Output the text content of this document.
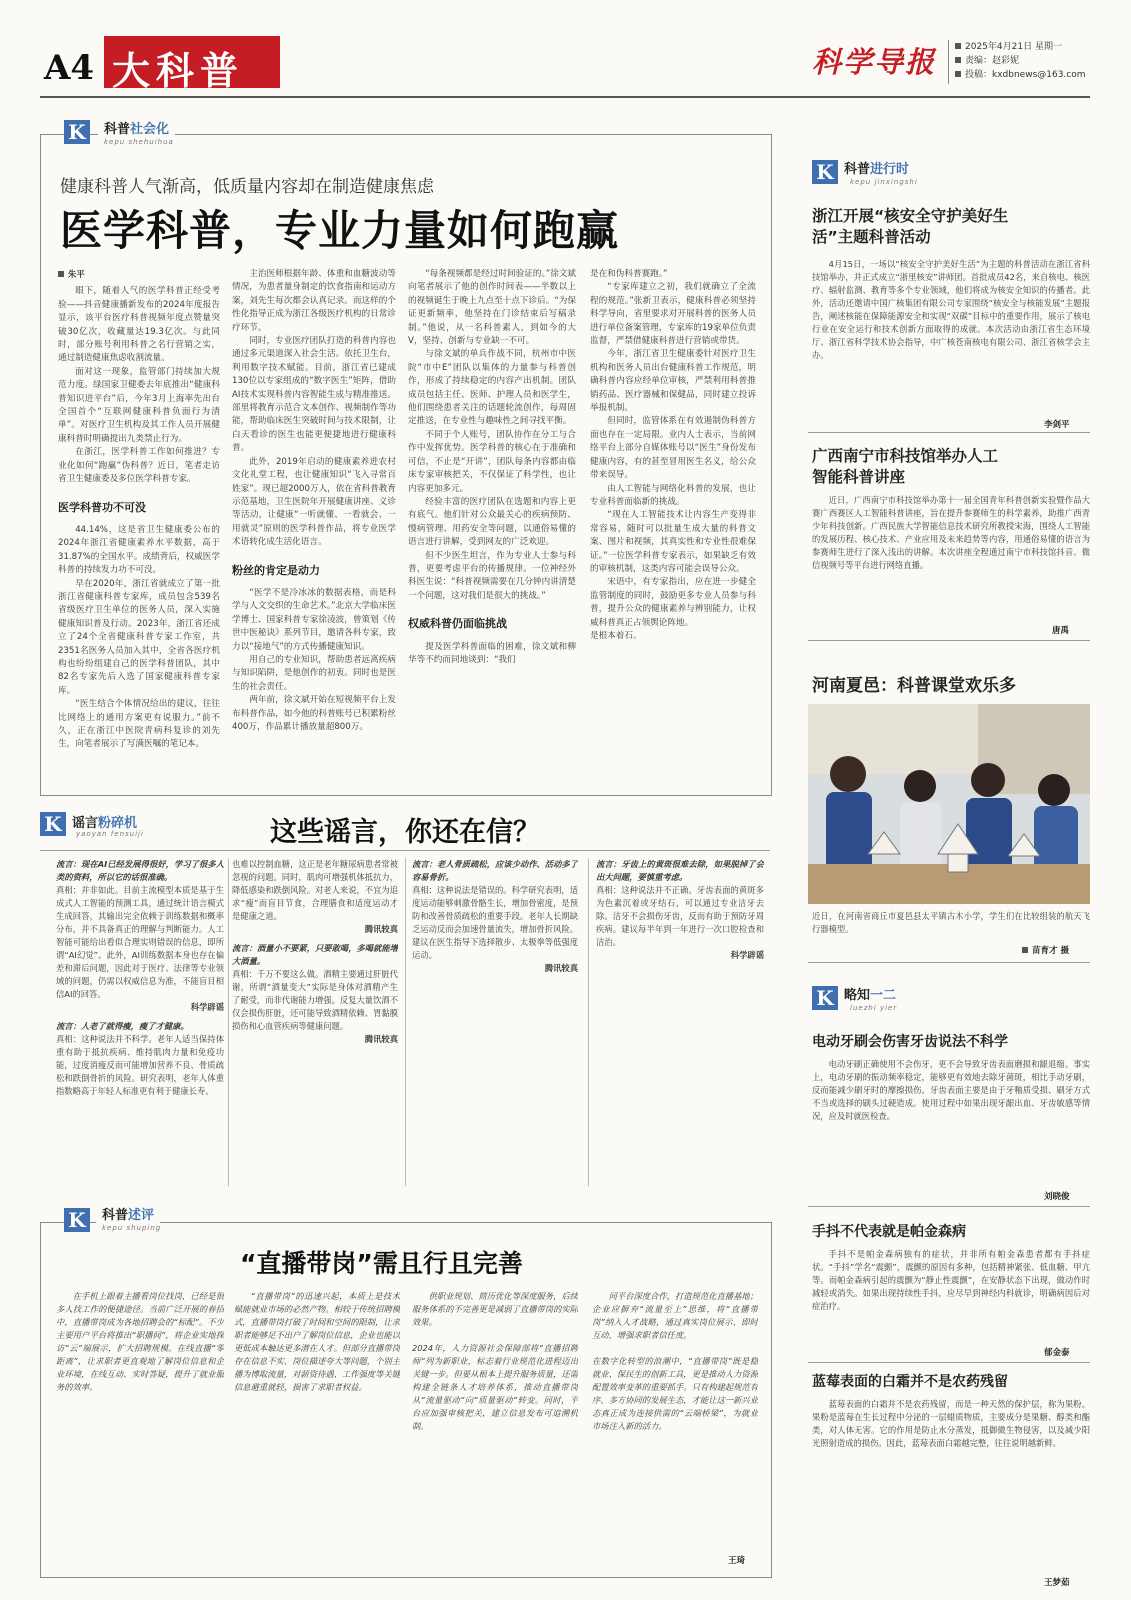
A4 大科普	科学导报	2025年4月21日 星期一
责编：赵彩妮
投稿：kxdbnews@163.com
K	科普社会化
kepu shehuihua
健康科普人气渐高，低质量内容却在制造健康焦虑
医学科普，专业力量如何跑赢
朱平

眼下，随着人气的医学科普正经受考验——抖音健康播新发布的2024年度报告显示，该平台医疗科普视频年度点赞量突破30亿次，收藏量达19.3亿次。与此同时，部分账号利用科普之名行营销之实，通过制造健康焦虑收割流量。

面对这一现象，监管部门持续加大规范力度。绿国家卫健委去年底推出“健康科普知识进平台”后，今年3月上海率先出台全国首个“互联网健康科普负面行为清单”。对医疗卫生机构及其工作人员开展健康科普时明确提出九类禁止行为。

在浙江，医学科普工作如何推进？专业化如何“跑赢”伪科普？近日，笔者走访省卫生健康委及多位医学科普专家。

医学科普功不可没

44.14%，这是省卫生健康委公布的2024年浙江省健康素养水平数据，高于31.87%的全国水平。成绩背后，权威医学科普的持续发力功不可没。

早在2020年，浙江省就成立了第一批浙江省健康科普专家库，成员包含539名省级医疗卫生单位的医务人员，深入实施健康知识普及行动。2023年，浙江省还成立了24个全省健康科普专家工作室，共2351名医务人员加入其中，全省各医疗机构也纷纷组建自己的医学科普团队，其中82名专家先后入选了国家健康科普专家库。

“医生结合个体情况给出的建议，往往比网络上的通用方案更有说服力。”前不久，正在浙江中医院青病科复诊的刘先生，向笔者展示了写满医嘱的笔记本。

主治医师根据年龄、体重和血糖波动等情况，为患者量身制定的饮食指南和运动方案，刘先生每次都会认真记录。而这样的个性化指导正成为浙江各级医疗机构的日常诊疗环节。

同时，专业医疗团队打造的科普内容也通过多元渠道深入社会生活。依托卫生台，利用数字技术赋能。目前，浙江省已建成130位以专家组成的“数字医生”矩阵，借助AI技术实现科普内容智能生成与精准推送。部里将教育示范合文本创作、视频制作等功能，帮助临床医生突破时间与技术限制，让白天看诊的医生也能更便捷地进行健康科普。

此外，2019年启动的健康素养进农村文化礼堂工程，也让健康知识“飞入寻常百姓家”。现已超2000万人，依在省科普教育示范基地，卫生医院年开展健康讲座、义诊等活动，让健康“一听就懂、一看就会、一用就灵”原则的医学科普作品，将专业医学术语转化成生活化语言。

粉丝的肯定是动力

“医学不是冷冰冰的数据表格，而是科学与人文交织的生命艺术。”北京大学临床医学博士、国家科普专家徐凌波，曾策划《传世中医秘诀》系列节目，邀请各科专家，致力以“接地气”的方式传播健康知识。

用自己的专业知识，帮助患者远离疾病与知识陷阱，是他创作的初衷。同时也是医生的社会责任。

两年前，徐文斌开始在短视频平台上发布科普作品，如今他的科普账号已积累粉丝400万，作品累计播放量超800万。

“每条视频都是经过时间验证的。”徐文斌向笔者展示了他的创作时间表——半数以上的视频诞生于晚上九点至十点下诊后。“为保证更新频率，他坚持在门诊结束后写稿录制。”他说，从一名科普素人，到如今的大V，坚持、创新与专业缺一不可。

与徐文斌的单兵作战不同，杭州市中医院“市中E”团队以集体的力量参与科普创作，形成了持续稳定的内容产出机制。团队成员包括主任、医师、护理人员和医学生，他们围绕患者关注的话题轮流创作，每周固定推送，在专业性与趣味性之间寻找平衡。

不同于个人账号，团队协作在分工与合作中发挥优势。医学科普的核心在于准确和可信，不止是“开讲”，团队每条内容都由临床专家审核把关，不仅保证了科学性，也让内容更加多元。

经验丰富的医疗团队在选题和内容上更有底气。他们针对公众最关心的疾病预防、慢病管理、用药安全等问题，以通俗易懂的语言进行讲解，受到网友的广泛欢迎。

但不少医生坦言，作为专业人士参与科普，更要考虑平台的传播规律。一位神经外科医生说：“科普视频需要在几分钟内讲清楚一个问题，这对我们是很大的挑战。”

权威科普仍面临挑战

提及医学科普面临的困难，徐文斌和柳华等不约而同地谈到：“我们

是在和伪科普赛跑。”

“专家库建立之初，我们就确立了全流程的规范。”张新卫表示，健康科普必须坚持科学导向，省里要求对开展科普的医务人员进行单位备案管理，专家库的19家单位负责监督，严禁借健康科普进行营销或带货。

今年，浙江省卫生健康委针对医疗卫生机构和医务人员出台健康科普工作规范，明确科普内容应经单位审核，严禁利用科普推销药品、医疗器械和保健品，同时建立投诉举报机制。

但同时，监管体系在有效遏制伪科普方面也存在一定局限。业内人士表示，当前网络平台上部分自媒体账号以“医生”身份发布健康内容，有的甚至冒用医生名义，给公众带来误导。

由人工智能与网络化科普的发展，也让专业科普面临新的挑战。

“现在人工智能技术让内容生产变得非常容易，随时可以批量生成大量的科普文案、图片和视频，其真实性和专业性很难保证。”一位医学科普专家表示，如果缺乏有效的审核机制，这类内容可能会误导公众。

宋语中，有专家指出，应在进一步健全监管制度的同时，鼓励更多专业人员参与科普，提升公众的健康素养与辨别能力，让权威科普真正占领舆论阵地。

是根本着石。

K 谣言粉碎机
yaoyan fensuiji	这些谣言，你还在信？

流言：现在AI已经发展得很好，学习了很多人类的资料，所以它的话很准确。

真相：并非如此。目前主流模型本质是基于生成式人工智能的预测工具，通过统计语言模式生成回答，其输出完全依赖于训练数据和概率分布，并不具备真正的理解与判断能力。人工智能可能给出看似合理实则错误的信息，即所谓“AI幻觉”。此外，AI训练数据本身也存在偏差和滞后问题，因此对于医疗、法律等专业领域的问题，仍需以权威信息为准，不能盲目相信AI的回答。

科学辟谣

流言：人老了就得瘦，瘦了才健康。

真相：这种说法并不科学。老年人适当保持体重有助于抵抗疾病、维持肌肉力量和免疫功能，过度消瘦反而可能增加营养不良、骨质疏松和跌倒骨折的风险。研究表明，老年人体重指数略高于年轻人标准更有利于健康长寿。

也难以控制血糖，这正是老年糖尿病患者常被忽视的问题。同时，肌肉可增强机体抵抗力，降低感染和跌倒风险。对老人来说，不宜为追求“瘦”而盲目节食，合理膳食和适度运动才是健康之道。

腾讯较真

流言：酒量小不要紧，只要敢喝，多喝就能增大酒量。

真相：千万不要这么做。酒精主要通过肝脏代谢，所谓“酒量变大”实际是身体对酒精产生了耐受，而非代谢能力增强。反复大量饮酒不仅会损伤肝脏，还可能导致酒精依赖、胃黏膜损伤和心血管疾病等健康问题。

腾讯较真

流言：老人骨质疏松，应该少动作、活动多了容易骨折。

真相：这种说法是错误的。科学研究表明，适度运动能够刺激骨骼生长，增加骨密度，是预防和改善骨质疏松的重要手段。老年人长期缺乏运动反而会加速骨量流失，增加骨折风险。建议在医生指导下选择散步、太极拳等低强度运动。

腾讯较真

流言：牙齿上的黄斑很难去除，如果脱掉了会出大问题，要慎重考虑。

真相：这种说法并不正确。牙齿表面的黄斑多为色素沉着或牙结石，可以通过专业洁牙去除。洁牙不会损伤牙齿，反而有助于预防牙周疾病。建议每半年到一年进行一次口腔检查和洁治。

科学辟谣

K	科普述评
kepu shuping
“直播带岗”需且行且完善

在手机上跟着主播看岗位找岗，已经是很多人找工作的便捷途径。当前广泛开展的春招中，直播带岗成为各地招聘会的“标配”。不少主要用户平台将推出“职播间”，将企业实地探访“云”端展示，扩大招聘规模。在线直播“零距离”，让求职者更直观地了解岗位信息和企业环境，在线互动、实时答疑，提升了就业服务的效率。

“直播带岗”的迅速兴起，本质上是技术赋能就业市场的必然产物。相较于传统招聘模式，直播带岗打破了时间和空间的限制，让求职者能够足不出户了解岗位信息，企业也能以更低成本触达更多潜在人才。但部分直播带岗存在信息不实、岗位描述夸大等问题，个别主播为博取流量，对薪资待遇、工作强度等关键信息避重就轻，损害了求职者权益。

供职业规划、简历优化等深度服务，后续服务体系的不完善更是减弱了直播带岗的实际效果。

2024年，人力资源社会保障部将“直播招聘师”列为新职业，标志着行业规范化进程迈出关键一步。但要从根本上提升服务质量，还需构建全链条人才培养体系，推动直播带岗从“流量驱动”向“质量驱动”转变。同时，平台应加强审核把关，建立信息发布可追溯机制。

同平台深度合作，打造规范化直播基地；企业应摒弃“流量至上”思维，将“直播带岗”纳入人才战略，通过真实岗位展示、即时互动，增强求职者信任度。

在数字化转型的浪潮中，“直播带岗”既是稳就业、保民生的创新工具，更是推动人力资源配置效率变革的重要抓手。只有构建起规范有序、多方协同的发展生态，才能让这一新兴业态真正成为连接供需的“云端桥梁”，为就业市场注入新的活力。

王琦
K 科普进行时
kepu jinxingshi
浙江开展“核安全守护美好生活”主题科普活动

4月15日，一场以“核安全守护美好生活”为主题的科普活动在浙江省科技馆举办，并正式成立“浙里核安”讲师团。首批成员42名，来自核电、核医疗、辐射监测、教育等多个专业领域，他们将成为核安全知识的传播者。此外，活动还邀请中国广核集团有限公司专家围绕“核安全与核能发展”主题报告，阐述核能在保障能源安全和实现“双碳”目标中的重要作用，展示了核电行业在安全运行和技术创新方面取得的成就。本次活动由浙江省生态环境厅、浙江省科学技术协会指导，中广核苍南核电有限公司、浙江省核学会主办。

李剑平
广西南宁市科技馆举办人工智能科普讲座

近日，广西南宁市科技馆举办第十一届全国青年科普创新实验暨作品大赛广西赛区人工智能科普讲座，旨在提升参赛师生的科学素养，助推广西青少年科技创新。广西民族大学智能信息技术研究所教授宋海，围绕人工智能的发展历程、核心技术、产业应用及未来趋势等内容，用通俗易懂的语言为参赛师生进行了深入浅出的讲解。本次讲座全程通过南宁市科技馆抖音、微信视频号等平台进行网络直播。

唐禹
河南夏邑：科普课堂欢乐多
近日，在河南省商丘市夏邑县太平镇古木小学，学生们在比较组装的航天飞行器模型。
苗育才 摄
K 略知一二
luezhi yier
电动牙刷会伤害牙齿说法不科学

电动牙刷正确使用不会伤牙，更不会导致牙齿表面磨损和龈退缩。事实上，电动牙刷的振动频率稳定，能够更有效地去除牙菌斑，相比手动牙刷，反而能减少刷牙时的摩擦损伤。牙齿表面主要是由于牙釉质受损、刷牙方式不当或选择的刷头过硬造成。使用过程中如果出现牙龈出血、牙齿敏感等情况，应及时就医检查。

刘晓俊
手抖不代表就是帕金森病

手抖不是帕金森病独有的症状，并非所有帕金森患者都有手抖症状。“手抖”学名“震颤”，震颤的原因有多种，包括精神紧张、低血糖、甲亢等。而帕金森病引起的震颤为“静止性震颤”，在安静状态下出现，做动作时减轻或消失。如果出现持续性手抖，应尽早到神经内科就诊，明确病因后对症治疗。

郁金泰
蓝莓表面的白霜并不是农药残留

蓝莓表面的白霜并不是农药残留，而是一种天然的保护层，称为果粉。果粉是蓝莓在生长过程中分泌的一层蜡质物质，主要成分是果糖、醇类和酯类，对人体无害。它的作用是防止水分蒸发，抵御微生物侵害，以及减少阳光照射造成的损伤。因此，蓝莓表面白霜越完整，往往说明越新鲜。

王梦茹
